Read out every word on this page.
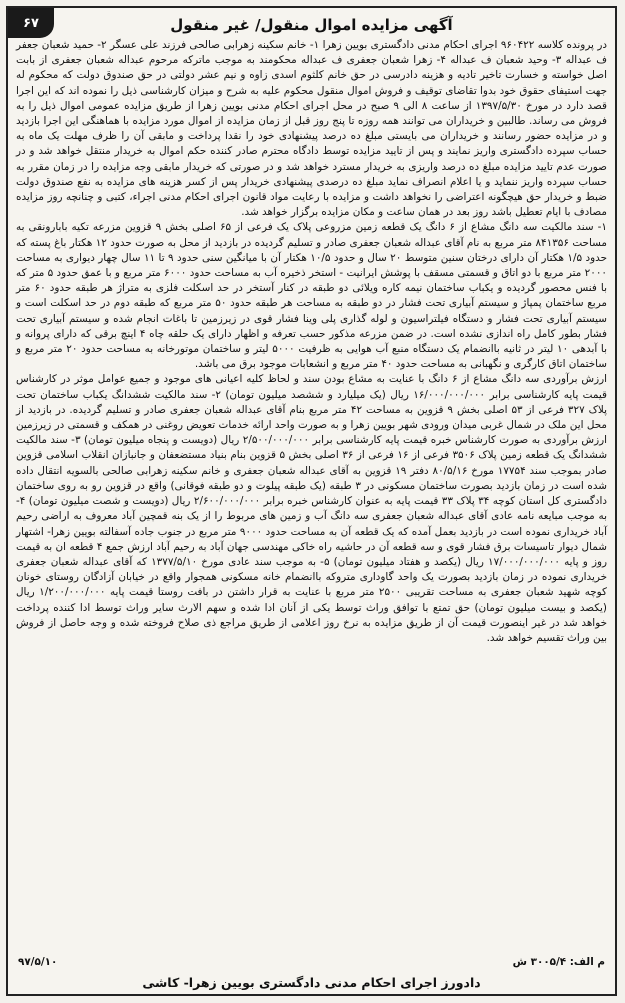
۶۷	آگهی مزایده اموال منقول/ غیر منقول

در پرونده کلاسه ۹۶۰۴۲۲ اجرای احکام مدنی دادگستری بویین زهرا ۱- خانم سکینه زهرابی صالحی فرزند علی عسگر ۲- حمید شعبان جعفر ف عبداله ۳- وحید شعبان ف عبداله ۴- زهرا شعبان جعفری ف عبداله محکومند به موجب ماترکه مرحوم عبداله شعبان جعفری از بابت اصل خواسته و خسارت تاخیر تادیه و هزینه دادرسی در حق خانم کلثوم اسدی زاوه و نیم عشر دولتی در حق صندوق دولت که محکوم له جهت استیفای حقوق خود بدوا تقاضای توقیف و فروش اموال منقول محکوم علیه به شرح و میزان کارشناسی ذیل را نموده اند که این اجرا قصد دارد در مورخ ۱۳۹۷/۵/۳۰ از ساعت ۸ الی ۹ صبح در محل اجرای احکام مدنی بویین زهرا از طریق مزایده عمومی اموال ذیل را به فروش می رساند. طالبین و خریداران می توانند همه روزه تا پنج روز قبل از زمان مزایده از اموال مورد مزایده با هماهنگی این اجرا بازدید و در مزایده حضور رسانند و خریداران می بایستی مبلغ ده درصد پیشنهادی خود را نقدا پرداخت و مابقی آن را ظرف مهلت یک ماه به حساب سپرده دادگستری واریز نمایند و پس از تایید مزایده توسط دادگاه محترم صادر کننده حکم اموال به خریدار منتقل خواهد شد و در صورت عدم تایید مزایده مبلغ ده درصد واریزی به خریدار مسترد خواهد شد و در صورتی که خریدار مابقی وجه مزایده را در زمان مقرر به حساب سپرده واریز ننماید و یا اعلام انصراف نماید مبلغ ده درصدی پیشنهادی خریدار پس از کسر هزینه های مزایده به نفع صندوق دولت ضبط و خریدار حق هیچگونه اعتراضی را نخواهد داشت و مزایده با رعایت مواد قانون اجرای احکام مدنی اجراء، کتبی و چنانچه روز مزایده مصادف با ایام تعطیل باشد روز بعد در همان ساعت و مکان مزایده برگزار خواهد شد.

۱- سند مالکیت سه دانگ مشاع از ۶ دانگ یک قطعه زمین مزروعی پلاک یک فرعی از ۶۵ اصلی بخش ۹ قزوین مزرعه تکیه بابارونقی به مساحت ۸۴۱۳۵۶ متر مربع به نام آقای عبداله شعبان جعفری صادر و تسلیم گردیده در بازدید از محل به صورت حدود ۱۲ هکتار باغ پسته که حدود ۱/۵ هکتار آن دارای درختان سنین متوسط ۲۰ سال و حدود ۱۰/۵ هکتار آن با میانگین سنی حدود ۹ تا ۱۱ سال چهار دیواری به مساحت ۲۰۰۰ متر مربع با دو اتاق و قسمتی مسقف با پوشش ایرانیت - استخر ذخیره آب به مساحت حدود ۶۰۰۰ متر مربع و با عمق حدود ۵ متر که با فنس محصور گردیده و یکباب ساختمان نیمه کاره ویلائی دو طبقه در کنار آستخر در حد اسکلت فلزی به متراژ هر طبقه حدود ۶۰ متر مربع ساختمان پمپاژ و سیستم آبیاری تحت فشار در دو طبقه به مساحت هر طبقه حدود ۵۰ متر مربع که طبقه دوم در حد اسکلت است و سیستم آبیاری تحت فشار و دستگاه فیلتراسیون و لوله گذاری پلی وینا فشار قوی در زیرزمین تا باغات انجام شده و سیستم آبیاری تحت فشار بطور کامل راه اندازی نشده است. در ضمن مزرعه مذکور حسب تعرفه و اظهار دارای یک حلقه چاه ۴ اینچ برقی که دارای پروانه و با آبدهی ۱۰ لیتر در ثانیه باانضمام یک دستگاه منبع آب هوایی به ظرفیت ۵۰۰۰ لیتر و ساختمان موتورخانه به مساحت حدود ۲۰ متر مربع و ساختمان اتاق کارگری و نگهبانی به مساحت حدود ۴۰ متر مربع و انشعابات موجود برق می باشد.

ارزش برآوردی سه دانگ مشاع از ۶ دانگ با عنایت به مشاع بودن سند و لحاظ کلیه اعیانی های موجود و جمیع عوامل موثر در کارشناس قیمت پایه کارشناسی برابر ۱۶/۰۰۰/۰۰۰/۰۰۰ ریال (یک میلیارد و ششصد میلیون تومان) ۲- سند مالکیت ششدانگ یکباب ساختمان تحت پلاک ۳۲۷ فرعی از ۵۳ اصلی بخش ۹ قزوین به مساحت ۴۲ متر مربع بنام آقای عبداله شعبان جعفری صادر و تسلیم گردیده. در بازدید از محل این ملک در شمال غربی میدان ورودی شهر بویین زهرا و به صورت واحد ارائه خدمات تعویض روغنی در همکف و قسمتی در زیرزمین ارزش برآوردی به صورت کارشناس خبره قیمت پایه کارشناسی برابر ۲/۵۰۰/۰۰۰/۰۰۰ ریال (دویست و پنجاه میلیون تومان) ۳- سند مالکیت ششدانگ یک قطعه زمین پلاک ۳۵۰۶ فرعی از ۱۶ فرعی از ۳۶ اصلی بخش ۵ قزوین بنام بنیاد مستضعفان و جانبازان انقلاب اسلامی قزوین صادر بموجب سند ۱۷۷۵۴ مورخ ۸۰/۵/۱۶ دفتر ۱۹ قزوین به آقای عبداله شعبان جعفری و خانم سکینه زهرابی صالحی بالسویه انتقال داده شده است در زمان بازدید بصورت ساختمان مسکونی در ۳ طبقه (یک طبقه پیلوت و دو طبقه فوقانی) واقع در قزوین رو به روی ساختمان دادگستری کل استان کوچه ۳۴ پلاک ۳۳ قیمت پایه به عنوان کارشناس خبره برابر ۲/۶۰۰/۰۰۰/۰۰۰ ریال (دویست و شصت میلیون تومان) ۴- به موجب مبایعه نامه عادی آقای عبداله شعبان جعفری سه دانگ آب و زمین های مربوط را از یک بنه قمچین آباد معروف به اراضی رحیم آباد خریداری نموده است در بازدید بعمل آمده که یک قطعه آن به مساحت حدود ۹۰۰۰ متر مربع در جنوب جاده آسفالته بویین زهرا- اشتهار شمال دیوار تاسیسات برق فشار قوی و سه قطعه آن در حاشیه راه خاکی مهندسی جهان آباد به رحیم آباد ارزش جمع ۴ قطعه ان به قیمت روز و پایه ۱۷/۰۰۰/۰۰۰/۰۰۰ ریال (یکصد و هفتاد میلیون تومان) ۵- به موجب سند عادی مورخ ۱۳۷۷/۵/۱۰ که آقای عبداله شعبان جعفری خریداری نموده در زمان بازدید بصورت یک واحد گاوداری متروکه باانضمام خانه مسکونی همجوار واقع در خیابان آزادگان روستای خونان کوچه شهید شعبان جعفری به مساحت تقریبی ۲۵۰۰ متر مربع با عنایت به قرار داشتن در بافت روستا قیمت پایه ۱/۲۰۰/۰۰۰/۰۰۰ ریال (یکصد و بیست میلیون تومان) حق تمتع با توافق وراث توسط یکی از آنان ادا شده و سهم الارث سایر وراث توسط ادا کننده پرداخت خواهد شد در غیر اینصورت قیمت آن از طریق مزایده به نرخ روز اعلامی از طریق مراجع ذی صلاح فروخته شده و وجه حاصل از فروش بین وراث تقسیم خواهد شد.

م الف: ۳۰۰۵/۴ ش
۹۷/۵/۱۰
دادورز اجرای احکام مدنی دادگستری بویین زهرا- کاشی
